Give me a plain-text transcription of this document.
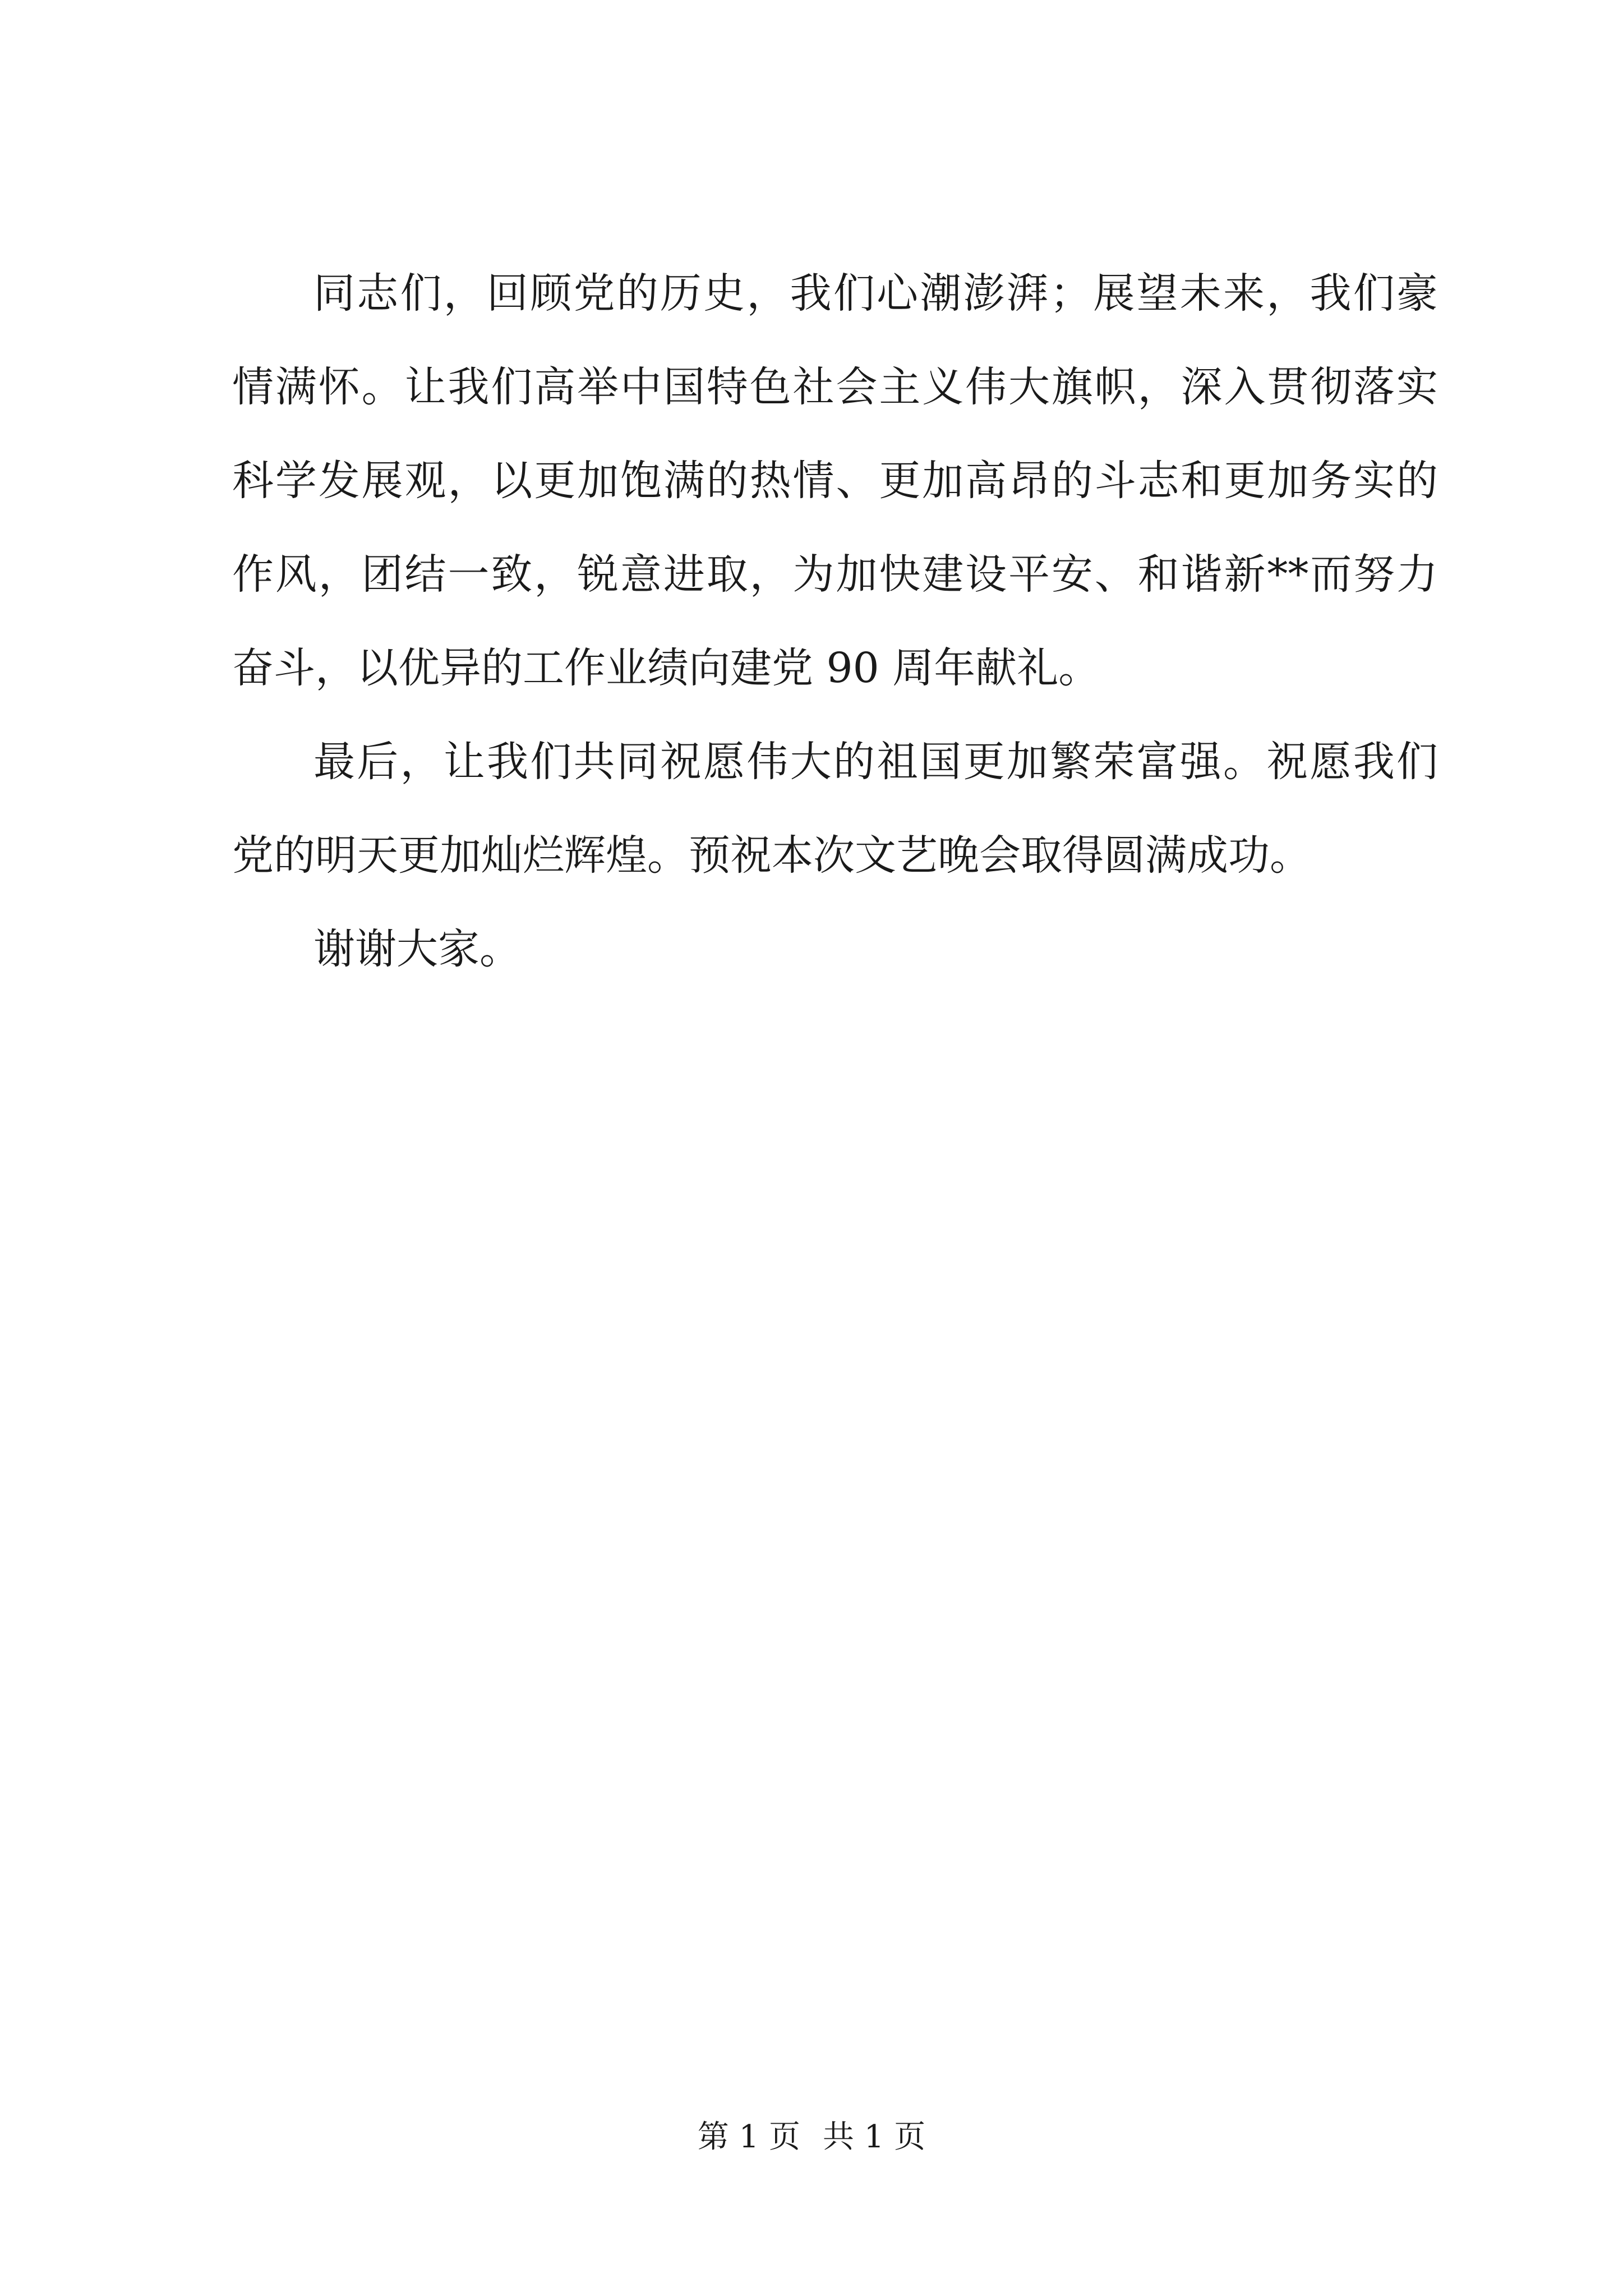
同志们，回顾党的历史，我们心潮澎湃；展望未来，我们豪
情满怀。让我们高举中国特色社会主义伟大旗帜，深入贯彻落实
科学发展观，以更加饱满的热情、更加高昂的斗志和更加务实的
作风，团结一致，锐意进取，为加快建设平安、和谐新**而努力
奋斗，以优异的工作业绩向建党 90 周年献礼。
最后，让我们共同祝愿伟大的祖国更加繁荣富强。祝愿我们
党的明天更加灿烂辉煌。预祝本次文艺晚会取得圆满成功。
谢谢大家。
第 1 页 共 1 页
